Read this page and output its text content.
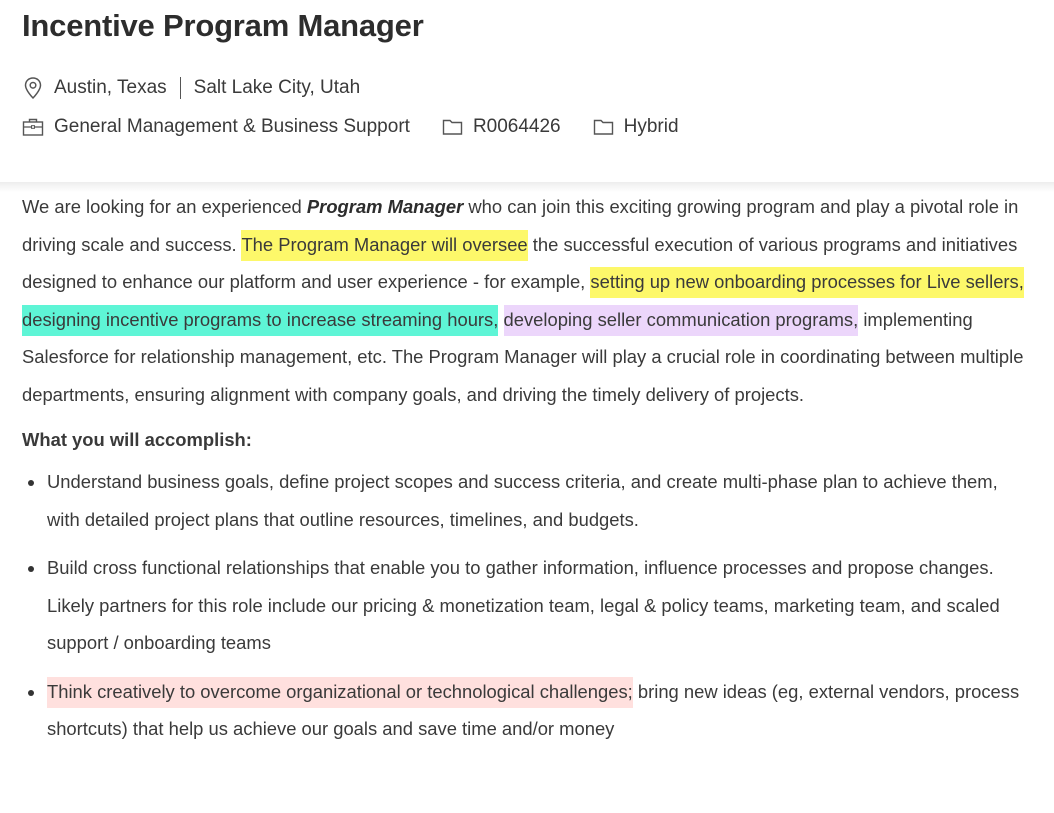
Incentive Program Manager
Austin, Texas Salt Lake City, Utah
General Management & Business Support	R0064426	Hybrid

We are looking for an experienced Program Manager who can join this exciting growing program and play a pivotal role in driving scale and success. The Program Manager will oversee the successful execution of various programs and initiatives designed to enhance our platform and user experience - for example, setting up new onboarding processes for Live sellers, designing incentive programs to increase streaming hours, developing seller communication programs, implementing Salesforce for relationship management, etc. The Program Manager will play a crucial role in coordinating between multiple departments, ensuring alignment with company goals, and driving the timely delivery of projects.

What you will accomplish:

Understand business goals, define project scopes and success criteria, and create multi-phase plan to achieve them, with detailed project plans that outline resources, timelines, and budgets.
Build cross functional relationships that enable you to gather information, influence processes and propose changes. Likely partners for this role include our pricing & monetization team, legal & policy teams, marketing team, and scaled support / onboarding teams
Think creatively to overcome organizational or technological challenges; bring new ideas (eg, external vendors, process shortcuts) that help us achieve our goals and save time and/or money
